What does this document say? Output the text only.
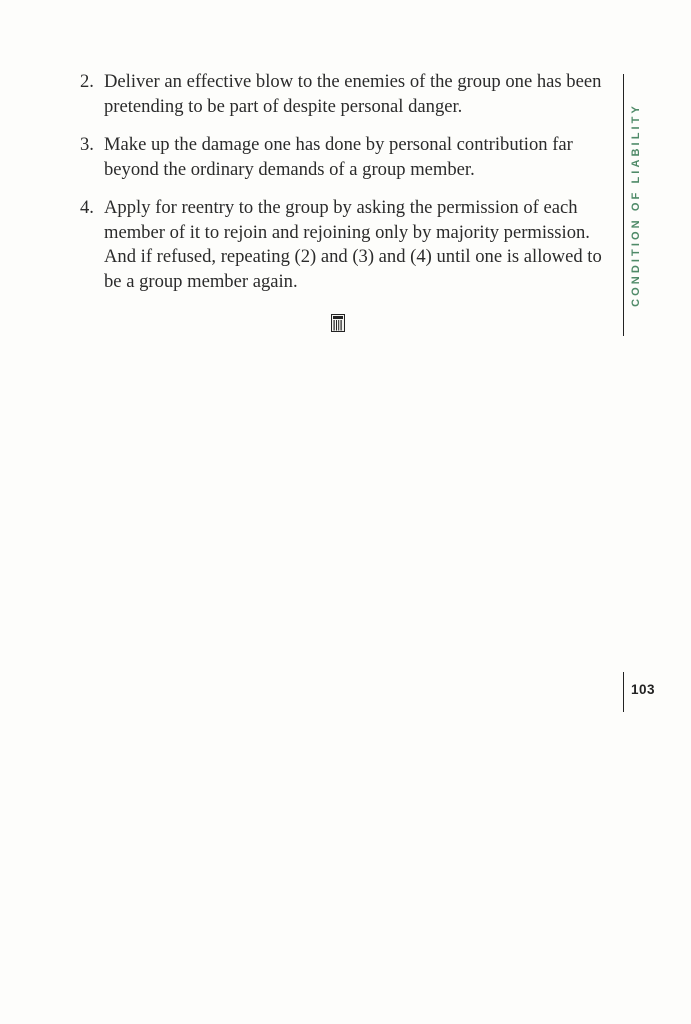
2. Deliver an effective blow to the enemies of the group one has been pretending to be part of despite personal danger.
3. Make up the damage one has done by personal contribution far beyond the ordinary demands of a group member.
4. Apply for reentry to the group by asking the permission of each member of it to rejoin and rejoining only by majority permission. And if refused, repeating (2) and (3) and (4) until one is allowed to be a group member again.	CONDITION OF LIABILITY
103
